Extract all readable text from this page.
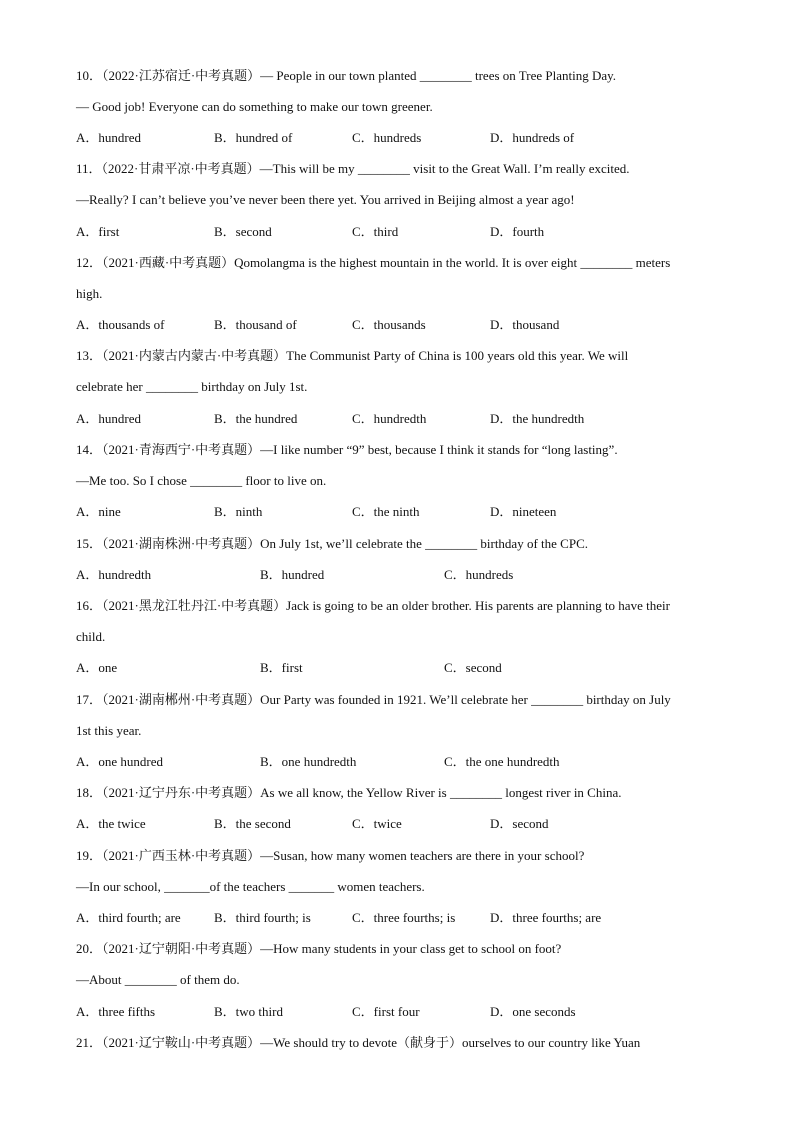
10．（2022·江苏宿迁·中考真题）— People in our town planted ________ trees on Tree Planting Day.
— Good job! Everyone can do something to make our town greener.
A．hundred	B．hundred of	C．hundreds	D．hundreds of
11．（2022·甘肃平凉·中考真题）—This will be my ________ visit to the Great Wall. I’m really excited.
—Really? I can’t believe you’ve never been there yet. You arrived in Beijing almost a year ago!
A．first	B．second	C．third	D．fourth
12．（2021·西藏·中考真题）Qomolangma is the highest mountain in the world. It is over eight ________ meters
high.
A．thousands of	B．thousand of	C．thousands	D．thousand
13．（2021·内蒙古内蒙古·中考真题）The Communist Party of China is 100 years old this year. We will
celebrate her ________ birthday on July 1st.
A．hundred	B．the hundred	C．hundredth	D．the hundredth
14．（2021·青海西宁·中考真题）—I like number “9” best, because I think it stands for “long lasting”.
—Me too. So I chose ________ floor to live on.
A．nine	B．ninth	C．the ninth	D．nineteen
15．（2021·湖南株洲·中考真题）On July 1st, we’ll celebrate the ________ birthday of the CPC.
A．hundredth	B．hundred	C．hundreds
16．（2021·黑龙江牡丹江·中考真题）Jack is going to be an older brother. His parents are planning to have their
child.
A．one	B．first	C．second
17．（2021·湖南郴州·中考真题）Our Party was founded in 1921. We’ll celebrate her ________ birthday on July
1st this year.
A．one hundred	B．one hundredth	C．the one hundredth
18．（2021·辽宁丹东·中考真题）As we all know, the Yellow River is ________ longest river in China.
A．the twice	B．the second	C．twice	D．second
19．（2021·广西玉林·中考真题）—Susan, how many women teachers are there in your school?
—In our school, _______of the teachers _______ women teachers.
A．third fourth; are	B．third fourth; is	C．three fourths; is	D．three fourths; are
20．（2021·辽宁朝阳·中考真题）—How many students in your class get to school on foot?
—About ________ of them do.
A．three fifths	B．two third	C．first four	D．one seconds
21．（2021·辽宁鞍山·中考真题）—We should try to devote（献身于）ourselves to our country like Yuan
